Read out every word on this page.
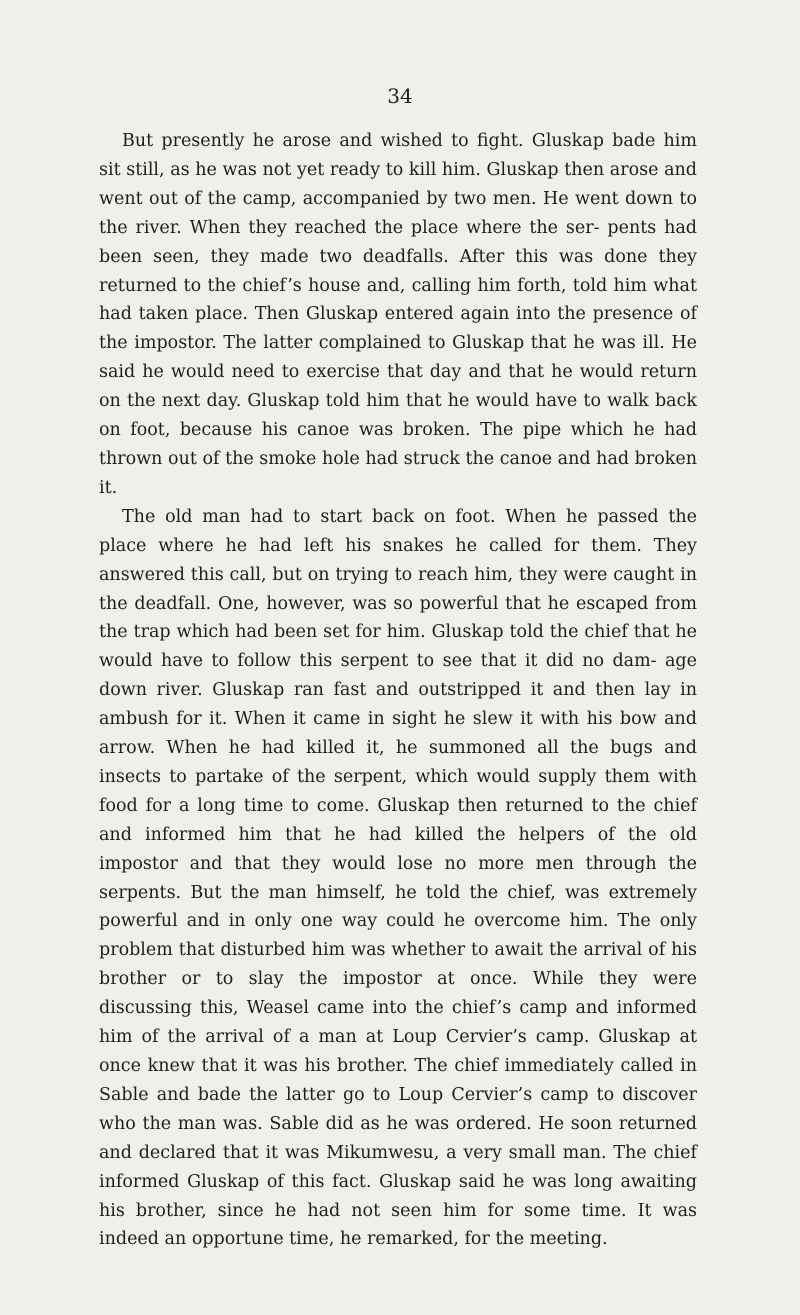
34

But presently he arose and wished to fight. Gluskap bade him sit still, as he was not yet ready to kill him. Gluskap then arose and went out of the camp, accompanied by two men. He went down to the river. When they reached the place where the ser- pents had been seen, they made two deadfalls. After this was done they returned to the chief’s house and, calling him forth, told him what had taken place. Then Gluskap entered again into the presence of the impostor. The latter complained to Gluskap that he was ill. He said he would need to exercise that day and that he would return on the next day. Gluskap told him that he would have to walk back on foot, because his canoe was broken. The pipe which he had thrown out of the smoke hole had struck the canoe and had broken it.

The old man had to start back on foot. When he passed the place where he had left his snakes he called for them. They answered this call, but on trying to reach him, they were caught in the deadfall. One, however, was so powerful that he escaped from the trap which had been set for him. Gluskap told the chief that he would have to follow this serpent to see that it did no dam- age down river. Gluskap ran fast and outstripped it and then lay in ambush for it. When it came in sight he slew it with his bow and arrow. When he had killed it, he summoned all the bugs and insects to partake of the serpent, which would supply them with food for a long time to come. Gluskap then returned to the chief and informed him that he had killed the helpers of the old impostor and that they would lose no more men through the serpents. But the man himself, he told the chief, was extremely powerful and in only one way could he overcome him. The only problem that disturbed him was whether to await the arrival of his brother or to slay the impostor at once. While they were discussing this, Weasel came into the chief’s camp and informed him of the arrival of a man at Loup Cervier’s camp. Gluskap at once knew that it was his brother. The chief immediately called in Sable and bade the latter go to Loup Cervier’s camp to discover who the man was. Sable did as he was ordered. He soon returned and declared that it was Mikumwesu, a very small man. The chief informed Gluskap of this fact. Gluskap said he was long awaiting his brother, since he had not seen him for some time. It was indeed an opportune time, he remarked, for the meeting.
